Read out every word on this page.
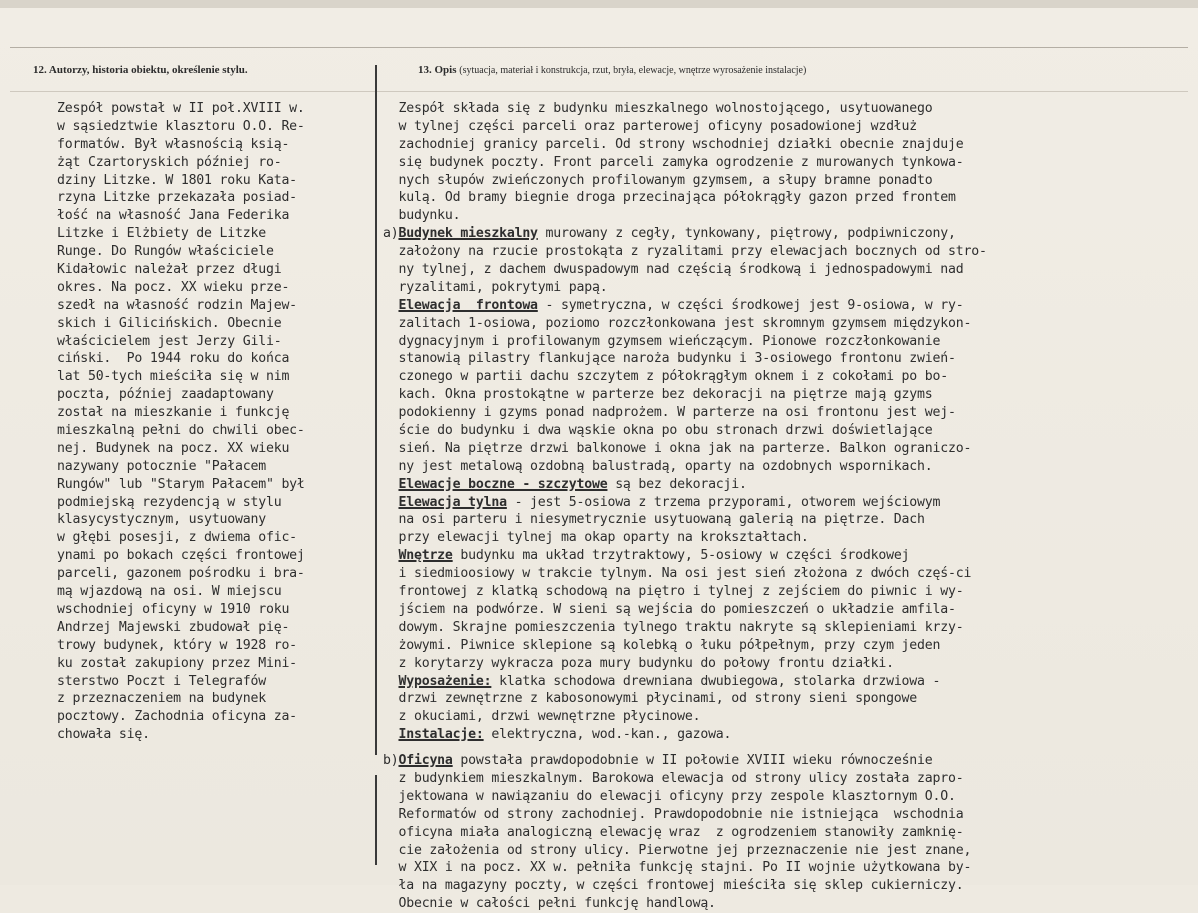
12. Autorzy, historia obiektu, określenie stylu.	13. Opis (sytuacja, materiał i konstrukcja, rzut, bryła, elewacje, wnętrze wyrosażenie instalacje)
Zespół powstał w II poł.XVIII w.
w sąsiedztwie klasztoru O.O. Re-
formatów. Był własnością ksią-
żąt Czartoryskich później ro-
dziny Litzke. W 1801 roku Kata-
rzyna Litzke przekazała posiad-
łość na własność Jana Federika
Litzke i Elżbiety de Litzke
Runge. Do Rungów właściciele
Kidałowic należał przez długi
okres. Na pocz. XX wieku prze-
szedł na własność rodzin Majew-
skich i Gilicińskich. Obecnie
właścicielem jest Jerzy Gili-
ciński.  Po 1944 roku do końca
lat 50-tych mieściła się w nim
poczta, później zaadaptowany
został na mieszkanie i funkcję
mieszkalną pełni do chwili obec-
nej. Budynek na pocz. XX wieku
nazywany potocznie "Pałacem
Rungów" lub "Starym Pałacem" był
podmiejską rezydencją w stylu
klasycystycznym, usytuowany
w głębi posesji, z dwiema ofic-
ynami po bokach części frontowej
parceli, gazonem pośrodku i bra-
mą wjazdową na osi. W miejscu
wschodniej oficyny w 1910 roku
Andrzej Majewski zbudował pię-
trowy budynek, który w 1928 ro-
ku został zakupiony przez Mini-
sterstwo Poczt i Telegrafów
z przeznaczeniem na budynek
pocztowy. Zachodnia oficyna za-
chowała się.
Zespół składa się z budynku mieszkalnego wolnostojącego, usytuowanego
w tylnej części parceli oraz parterowej oficyny posadowionej wzdłuż
zachodniej granicy parceli. Od strony wschodniej działki obecnie znajduje
się budynek poczty. Front parceli zamyka ogrodzenie z murowanych tynkowa-
nych słupów zwieńczonych profilowanym gzymsem, a słupy bramne ponadto
kulą. Od bramy biegnie droga przecinająca półokrągły gazon przed frontem
budynku.
a)Budynek mieszkalny murowany z cegły, tynkowany, piętrowy, podpiwniczony,
założony na rzucie prostokąta z ryzalitami przy elewacjach bocznych od stro-
ny tylnej, z dachem dwuspadowym nad częścią środkową i jednospadowymi nad
ryzalitami, pokrytymi papą.
Elewacja  frontowa - symetryczna, w części środkowej jest 9-osiowa, w ry-
zalitach 1-osiowa, poziomo rozczłonkowana jest skromnym gzymsem międzykon-
dygnacyjnym i profilowanym gzymsem wieńczącym. Pionowe rozczłonkowanie
stanowią pilastry flankujące naroża budynku i 3-osiowego frontonu zwień-
czonego w partii dachu szczytem z półokrągłym oknem i z cokołami po bo-
kach. Okna prostokątne w parterze bez dekoracji na piętrze mają gzyms
podokienny i gzyms ponad nadprożem. W parterze na osi frontonu jest wej-
ście do budynku i dwa wąskie okna po obu stronach drzwi doświetlające
sień. Na piętrze drzwi balkonowe i okna jak na parterze. Balkon ograniczo-
ny jest metalową ozdobną balustradą, oparty na ozdobnych wspornikach.
Elewacje boczne - szczytowe są bez dekoracji.
Elewacja tylna - jest 5-osiowa z trzema przyporami, otworem wejściowym
na osi parteru i niesymetrycznie usytuowaną galerią na piętrze. Dach
przy elewacji tylnej ma okap oparty na krokształtach.
Wnętrze budynku ma układ trzytraktowy, 5-osiowy w części środkowej
i siedmioosiowy w trakcie tylnym. Na osi jest sień złożona z dwóch częś-ci
frontowej z klatką schodową na piętro i tylnej z zejściem do piwnic i wy-
jściem na podwórze. W sieni są wejścia do pomieszczeń o układzie amfila-
dowym. Skrajne pomieszczenia tylnego traktu nakryte są sklepieniami krzy-
żowymi. Piwnice sklepione są kolebką o łuku półpełnym, przy czym jeden
z korytarzy wykracza poza mury budynku do połowy frontu działki.
Wyposażenie: klatka schodowa drewniana dwubiegowa, stolarka drzwiowa -
drzwi zewnętrzne z kabosonowymi płycinami, od strony sieni spongowe
z okuciami, drzwi wewnętrzne płycinowe.
Instalacje: elektryczna, wod.-kan., gazowa.
b)Oficyna powstała prawdopodobnie w II połowie XVIII wieku równocześnie
z budynkiem mieszkalnym. Barokowa elewacja od strony ulicy została zapro-
jektowana w nawiązaniu do elewacji oficyny przy zespole klasztornym O.O.
Reformatów od strony zachodniej. Prawdopodobnie nie istniejąca  wschodnia
oficyna miała analogiczną elewację wraz  z ogrodzeniem stanowiły zamknię-
cie założenia od strony ulicy. Pierwotne jej przeznaczenie nie jest znane,
w XIX i na pocz. XX w. pełniła funkcję stajni. Po II wojnie użytkowana by-
ła na magazyny poczty, w części frontowej mieściła się sklep cukierniczy.
Obecnie w całości pełni funkcję handlową.
